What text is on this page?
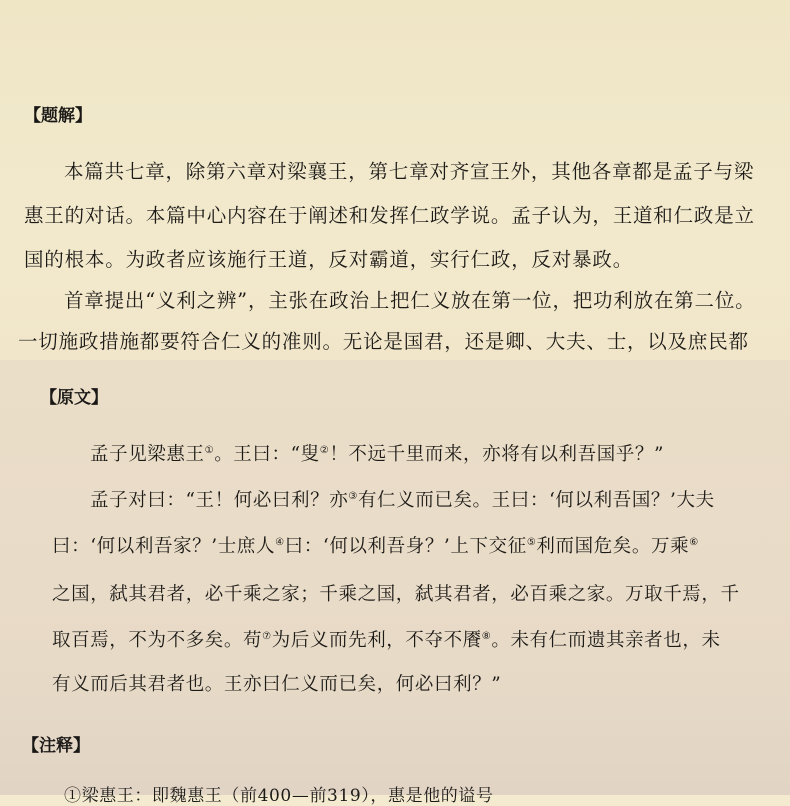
【题解】
本篇共七章，除第六章对梁襄王，第七章对齐宣王外，其他各章都是孟子与梁
惠王的对话。本篇中心内容在于阐述和发挥仁政学说。孟子认为，王道和仁政是立
国的根本。为政者应该施行王道，反对霸道，实行仁政，反对暴政。
首章提出“义利之辨”，主张在政治上把仁义放在第一位，把功利放在第二位。
一切施政措施都要符合仁义的准则。无论是国君，还是卿、大夫、士，以及庶民都
【原文】
孟子见梁惠王①。王曰：“叟②！不远千里而来，亦将有以利吾国乎？”
孟子对曰：“王！何必曰利？亦③有仁义而已矣。王曰：‘何以利吾国？’大夫
曰：‘何以利吾家？’士庶人④曰：‘何以利吾身？’上下交征⑤利而国危矣。万乘⑥
之国，弑其君者，必千乘之家；千乘之国，弑其君者，必百乘之家。万取千焉，千
取百焉，不为不多矣。苟⑦为后义而先利，不夺不餍⑧。未有仁而遗其亲者也，未
有义而后其君者也。王亦曰仁义而已矣，何必曰利？”
【注释】
①梁惠王：即魏惠王（前400—前319），惠是他的谥号
